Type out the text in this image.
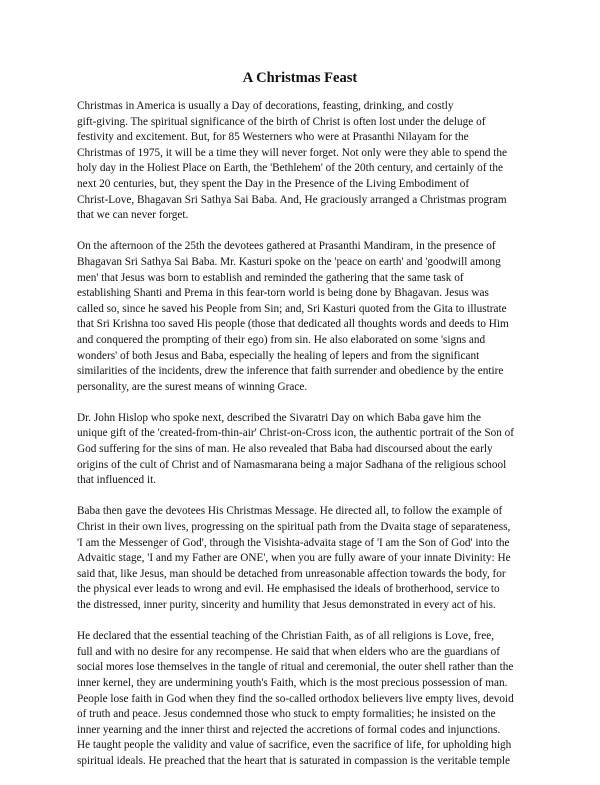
A Christmas Feast

Christmas in America is usually a Day of decorations, feasting, drinking, and costly
gift-giving. The spiritual significance of the birth of Christ is often lost under the deluge of
festivity and excitement. But, for 85 Westerners who were at Prasanthi Nilayam for the
Christmas of 1975, it will be a time they will never forget. Not only were they able to spend the
holy day in the Holiest Place on Earth, the 'Bethlehem' of the 20th century, and certainly of the
next 20 centuries, but, they spent the Day in the Presence of the Living Embodiment of
Christ-Love, Bhagavan Sri Sathya Sai Baba. And, He graciously arranged a Christmas program
that we can never forget.

On the afternoon of the 25th the devotees gathered at Prasanthi Mandiram, in the presence of
Bhagavan Sri Sathya Sai Baba. Mr. Kasturi spoke on the 'peace on earth' and 'goodwill among
men' that Jesus was born to establish and reminded the gathering that the same task of
establishing Shanti and Prema in this fear-torn world is being done by Bhagavan. Jesus was
called so, since he saved his People from Sin; and, Sri Kasturi quoted from the Gita to illustrate
that Sri Krishna too saved His people (those that dedicated all thoughts words and deeds to Him
and conquered the prompting of their ego) from sin. He also elaborated on some 'signs and
wonders' of both Jesus and Baba, especially the healing of lepers and from the significant
similarities of the incidents, drew the inference that faith surrender and obedience by the entire
personality, are the surest means of winning Grace.

Dr. John Hislop who spoke next, described the Sivaratri Day on which Baba gave him the
unique gift of the 'created-from-thin-air' Christ-on-Cross icon, the authentic portrait of the Son of
God suffering for the sins of man. He also revealed that Baba had discoursed about the early
origins of the cult of Christ and of Namasmarana being a major Sadhana of the religious school
that influenced it.

Baba then gave the devotees His Christmas Message. He directed all, to follow the example of
Christ in their own lives, progressing on the spiritual path from the Dvaita stage of separateness,
'I am the Messenger of God', through the Visishta-advaita stage of 'I am the Son of God' into the
Advaitic stage, 'I and my Father are ONE', when you are fully aware of your innate Divinity: He
said that, like Jesus, man should be detached from unreasonable affection towards the body, for
the physical ever leads to wrong and evil. He emphasised the ideals of brotherhood, service to
the distressed, inner purity, sincerity and humility that Jesus demonstrated in every act of his.

He declared that the essential teaching of the Christian Faith, as of all religions is Love, free,
full and with no desire for any recompense. He said that when elders who are the guardians of
social mores lose themselves in the tangle of ritual and ceremonial, the outer shell rather than the
inner kernel, they are undermining youth's Faith, which is the most precious possession of man.
People lose faith in God when they find the so-called orthodox believers live empty lives, devoid
of truth and peace. Jesus condemned those who stuck to empty formalities; he insisted on the
inner yearning and the inner thirst and rejected the accretions of formal codes and injunctions.
He taught people the validity and value of sacrifice, even the sacrifice of life, for upholding high
spiritual ideals. He preached that the heart that is saturated in compassion is the veritable temple
